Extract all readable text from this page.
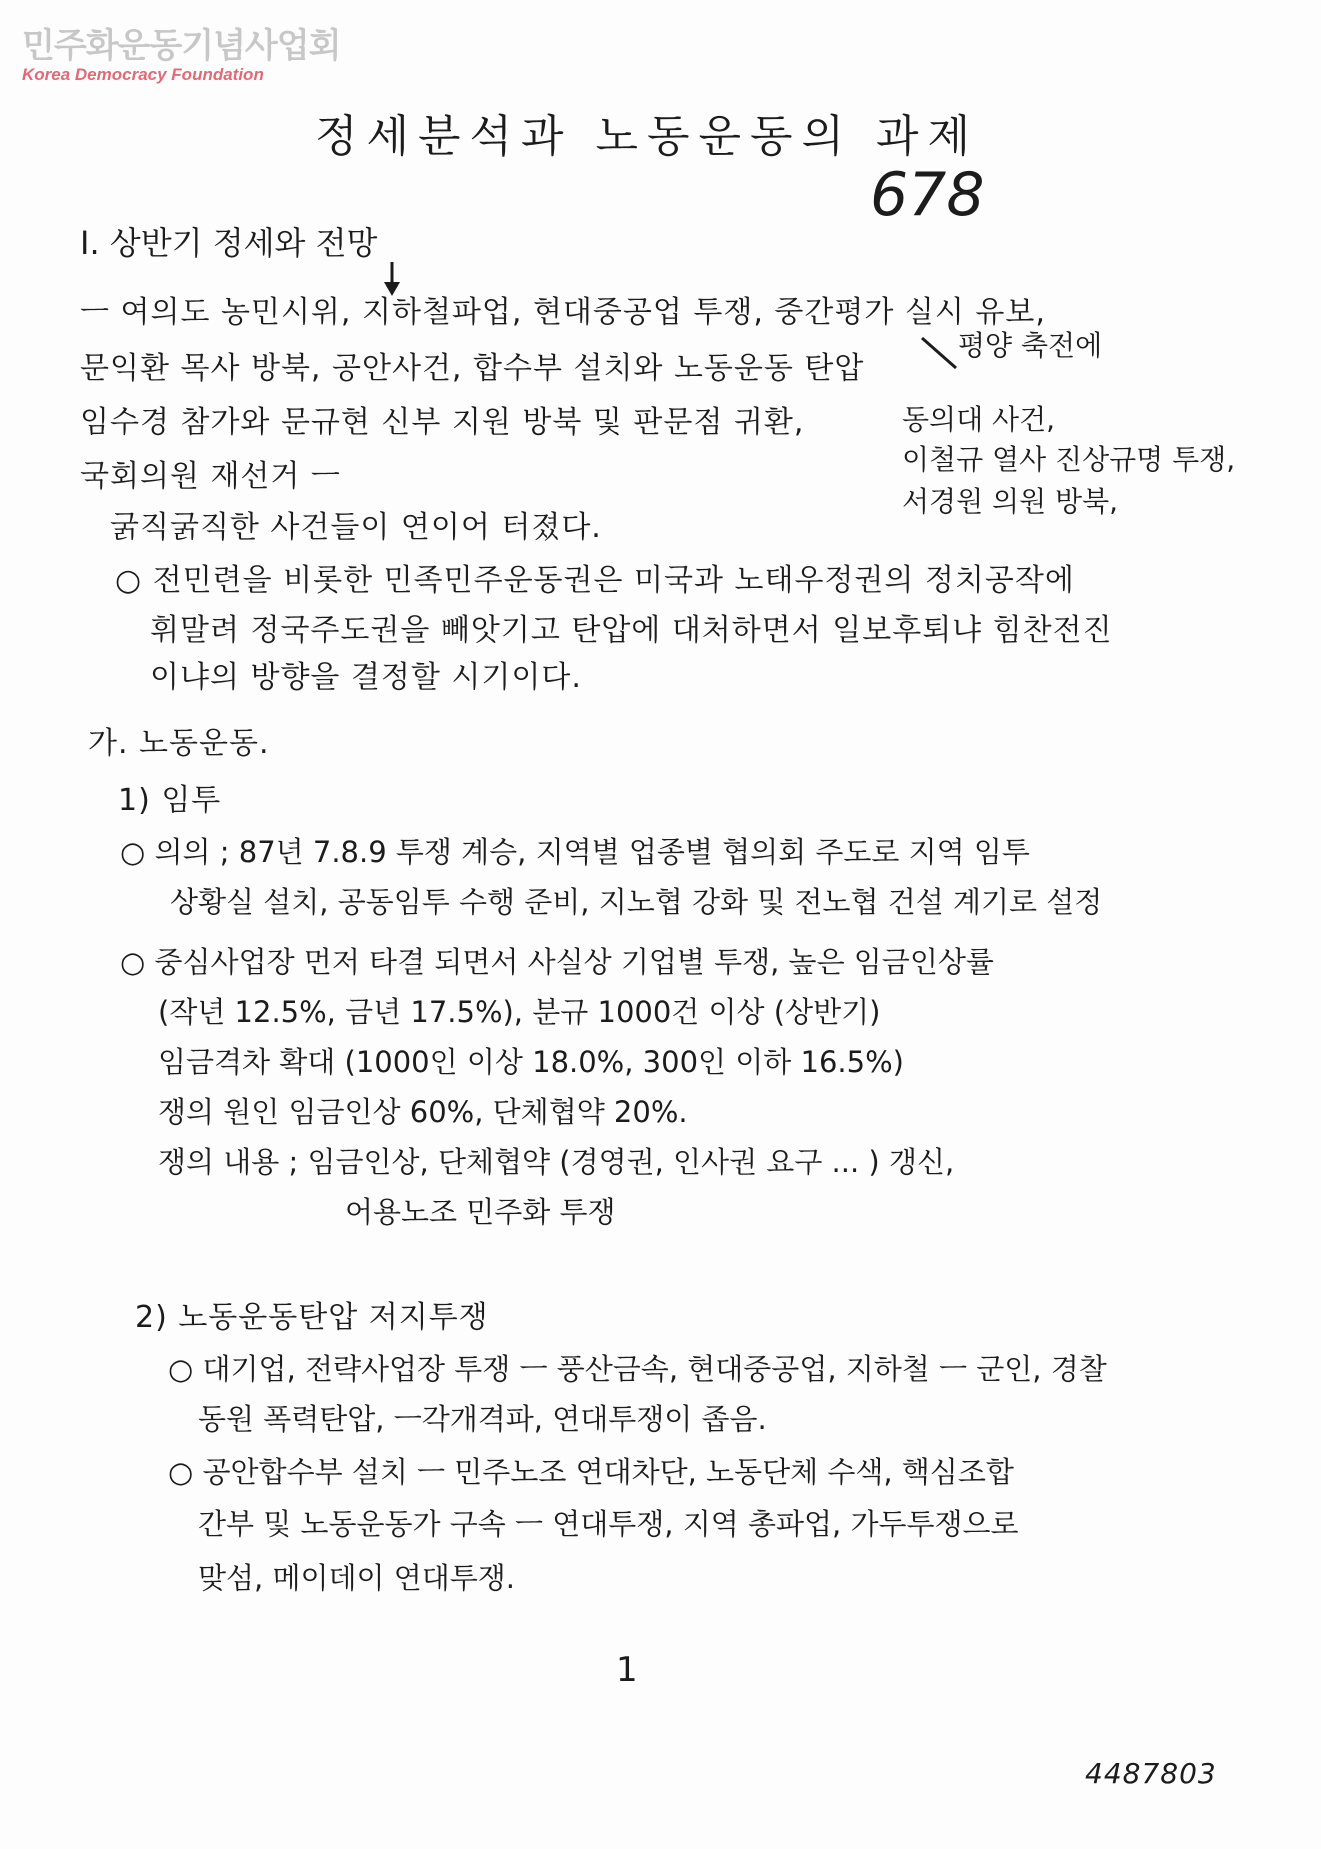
민주화운동기념사업회
Korea Democracy Foundation
정세분석과 노동운동의 과제
678
I. 상반기 정세와 전망
ㅡ 여의도 농민시위, 지하철파업, 현대중공업 투쟁, 중간평가 실시 유보,
평양 축전에
문익환 목사 방북, 공안사건, 합수부 설치와 노동운동 탄압
임수경 참가와 문규현 신부 지원 방북 및 판문점 귀환,
국회의원 재선거 ㅡ
굵직굵직한 사건들이 연이어 터졌다.
동의대 사건,
이철규 열사 진상규명 투쟁,
서경원 의원 방북,
○ 전민련을 비롯한 민족민주운동권은 미국과 노태우정권의 정치공작에
휘말려 정국주도권을 빼앗기고 탄압에 대처하면서 일보후퇴냐 힘찬전진
이냐의 방향을 결정할 시기이다.
가. 노동운동.
1) 임투
○ 의의 ; 87년 7.8.9 투쟁 계승, 지역별 업종별 협의회 주도로 지역 임투
상황실 설치, 공동임투 수행 준비, 지노협 강화 및 전노협 건설 계기로 설정
○ 중심사업장 먼저 타결 되면서 사실상 기업별 투쟁, 높은 임금인상률
(작년 12.5%, 금년 17.5%), 분규 1000건 이상 (상반기)
임금격차 확대 (1000인 이상 18.0%, 300인 이하 16.5%)
쟁의 원인 임금인상 60%, 단체협약 20%.
쟁의 내용 ; 임금인상, 단체협약 (경영권, 인사권 요구 ... ) 갱신,
어용노조 민주화 투쟁
2) 노동운동탄압 저지투쟁
○ 대기업, 전략사업장 투쟁 ㅡ 풍산금속, 현대중공업, 지하철 ㅡ 군인, 경찰
동원 폭력탄압, ㅡ각개격파, 연대투쟁이 좁음.
○ 공안합수부 설치 ㅡ 민주노조 연대차단, 노동단체 수색, 핵심조합
간부 및 노동운동가 구속 ㅡ 연대투쟁, 지역 총파업, 가두투쟁으로
맞섬, 메이데이 연대투쟁.
1
4487803
